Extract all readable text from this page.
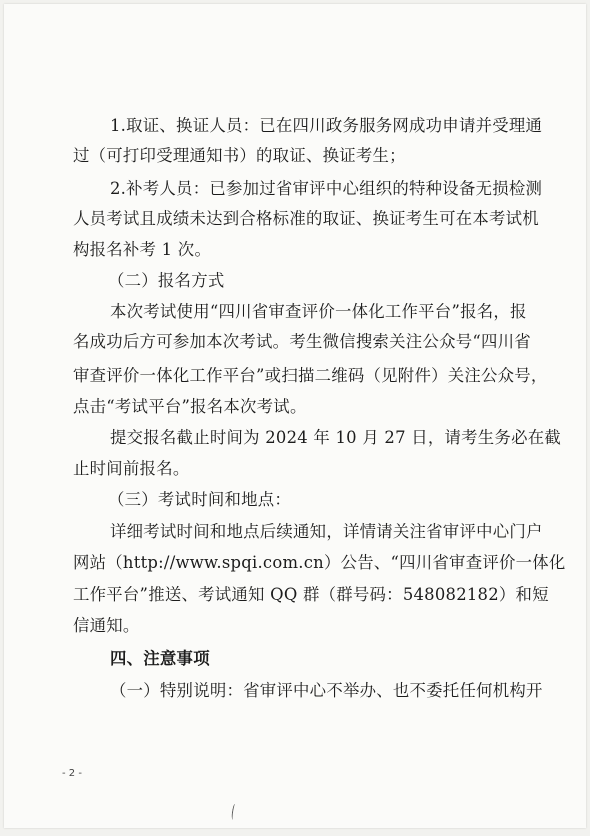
1.取证、换证人员：已在四川政务服务网成功申请并受理通
过（可打印受理通知书）的取证、换证考生；
2.补考人员：已参加过省审评中心组织的特种设备无损检测
人员考试且成绩未达到合格标准的取证、换证考生可在本考试机
构报名补考 1 次。
（二）报名方式
本次考试使用“四川省审查评价一体化工作平台”报名，报
名成功后方可参加本次考试。考生微信搜索关注公众号“四川省
审查评价一体化工作平台”或扫描二维码（见附件）关注公众号，
点击“考试平台”报名本次考试。
提交报名截止时间为 2024 年 10 月 27 日，请考生务必在截
止时间前报名。
（三）考试时间和地点：
详细考试时间和地点后续通知，详情请关注省审评中心门户
网站（http://www.spqi.com.cn）公告、“四川省审查评价一体化
工作平台”推送、考试通知 QQ 群（群号码：548082182）和短
信通知。
四、注意事项
（一）特别说明：省审评中心不举办、也不委托任何机构开
- 2 -
